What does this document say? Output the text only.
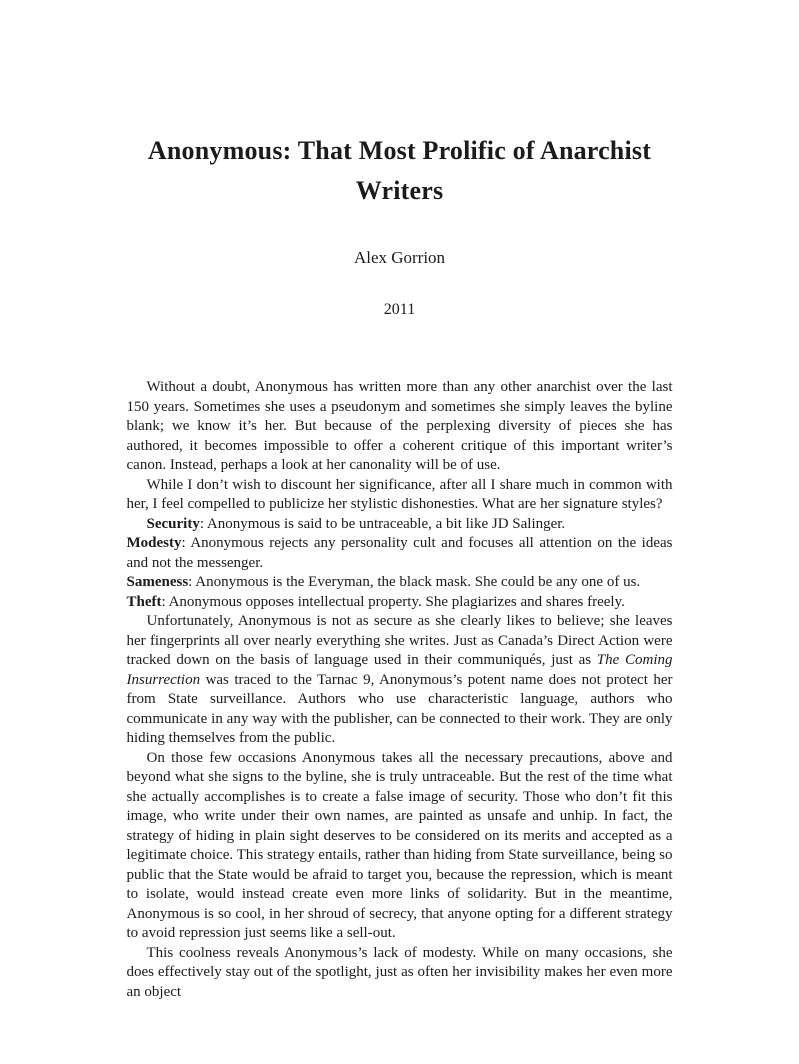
Anonymous: That Most Prolific of Anarchist Writers
Alex Gorrion
2011

Without a doubt, Anonymous has written more than any other anarchist over the last 150 years. Sometimes she uses a pseudonym and sometimes she simply leaves the byline blank; we know it’s her. But because of the perplexing diversity of pieces she has authored, it becomes impossible to offer a coherent critique of this important writer’s canon. Instead, perhaps a look at her canonality will be of use.

While I don’t wish to discount her significance, after all I share much in common with her, I feel compelled to publicize her stylistic dishonesties. What are her signature styles?

Security: Anonymous is said to be untraceable, a bit like JD Salinger.

Modesty: Anonymous rejects any personality cult and focuses all attention on the ideas and not the messenger.

Sameness: Anonymous is the Everyman, the black mask. She could be any one of us.

Theft: Anonymous opposes intellectual property. She plagiarizes and shares freely.

Unfortunately, Anonymous is not as secure as she clearly likes to believe; she leaves her fingerprints all over nearly everything she writes. Just as Canada’s Direct Action were tracked down on the basis of language used in their communiqués, just as The Coming Insurrection was traced to the Tarnac 9, Anonymous’s potent name does not protect her from State surveillance. Authors who use characteristic language, authors who communicate in any way with the publisher, can be connected to their work. They are only hiding themselves from the public.

On those few occasions Anonymous takes all the necessary precautions, above and beyond what she signs to the byline, she is truly untraceable. But the rest of the time what she actually accomplishes is to create a false image of security. Those who don’t fit this image, who write under their own names, are painted as unsafe and unhip. In fact, the strategy of hiding in plain sight deserves to be considered on its merits and accepted as a legitimate choice. This strategy entails, rather than hiding from State surveillance, being so public that the State would be afraid to target you, because the repression, which is meant to isolate, would instead create even more links of solidarity. But in the meantime, Anonymous is so cool, in her shroud of secrecy, that anyone opting for a different strategy to avoid repression just seems like a sell-out.

This coolness reveals Anonymous’s lack of modesty. While on many occasions, she does effectively stay out of the spotlight, just as often her invisibility makes her even more an object
